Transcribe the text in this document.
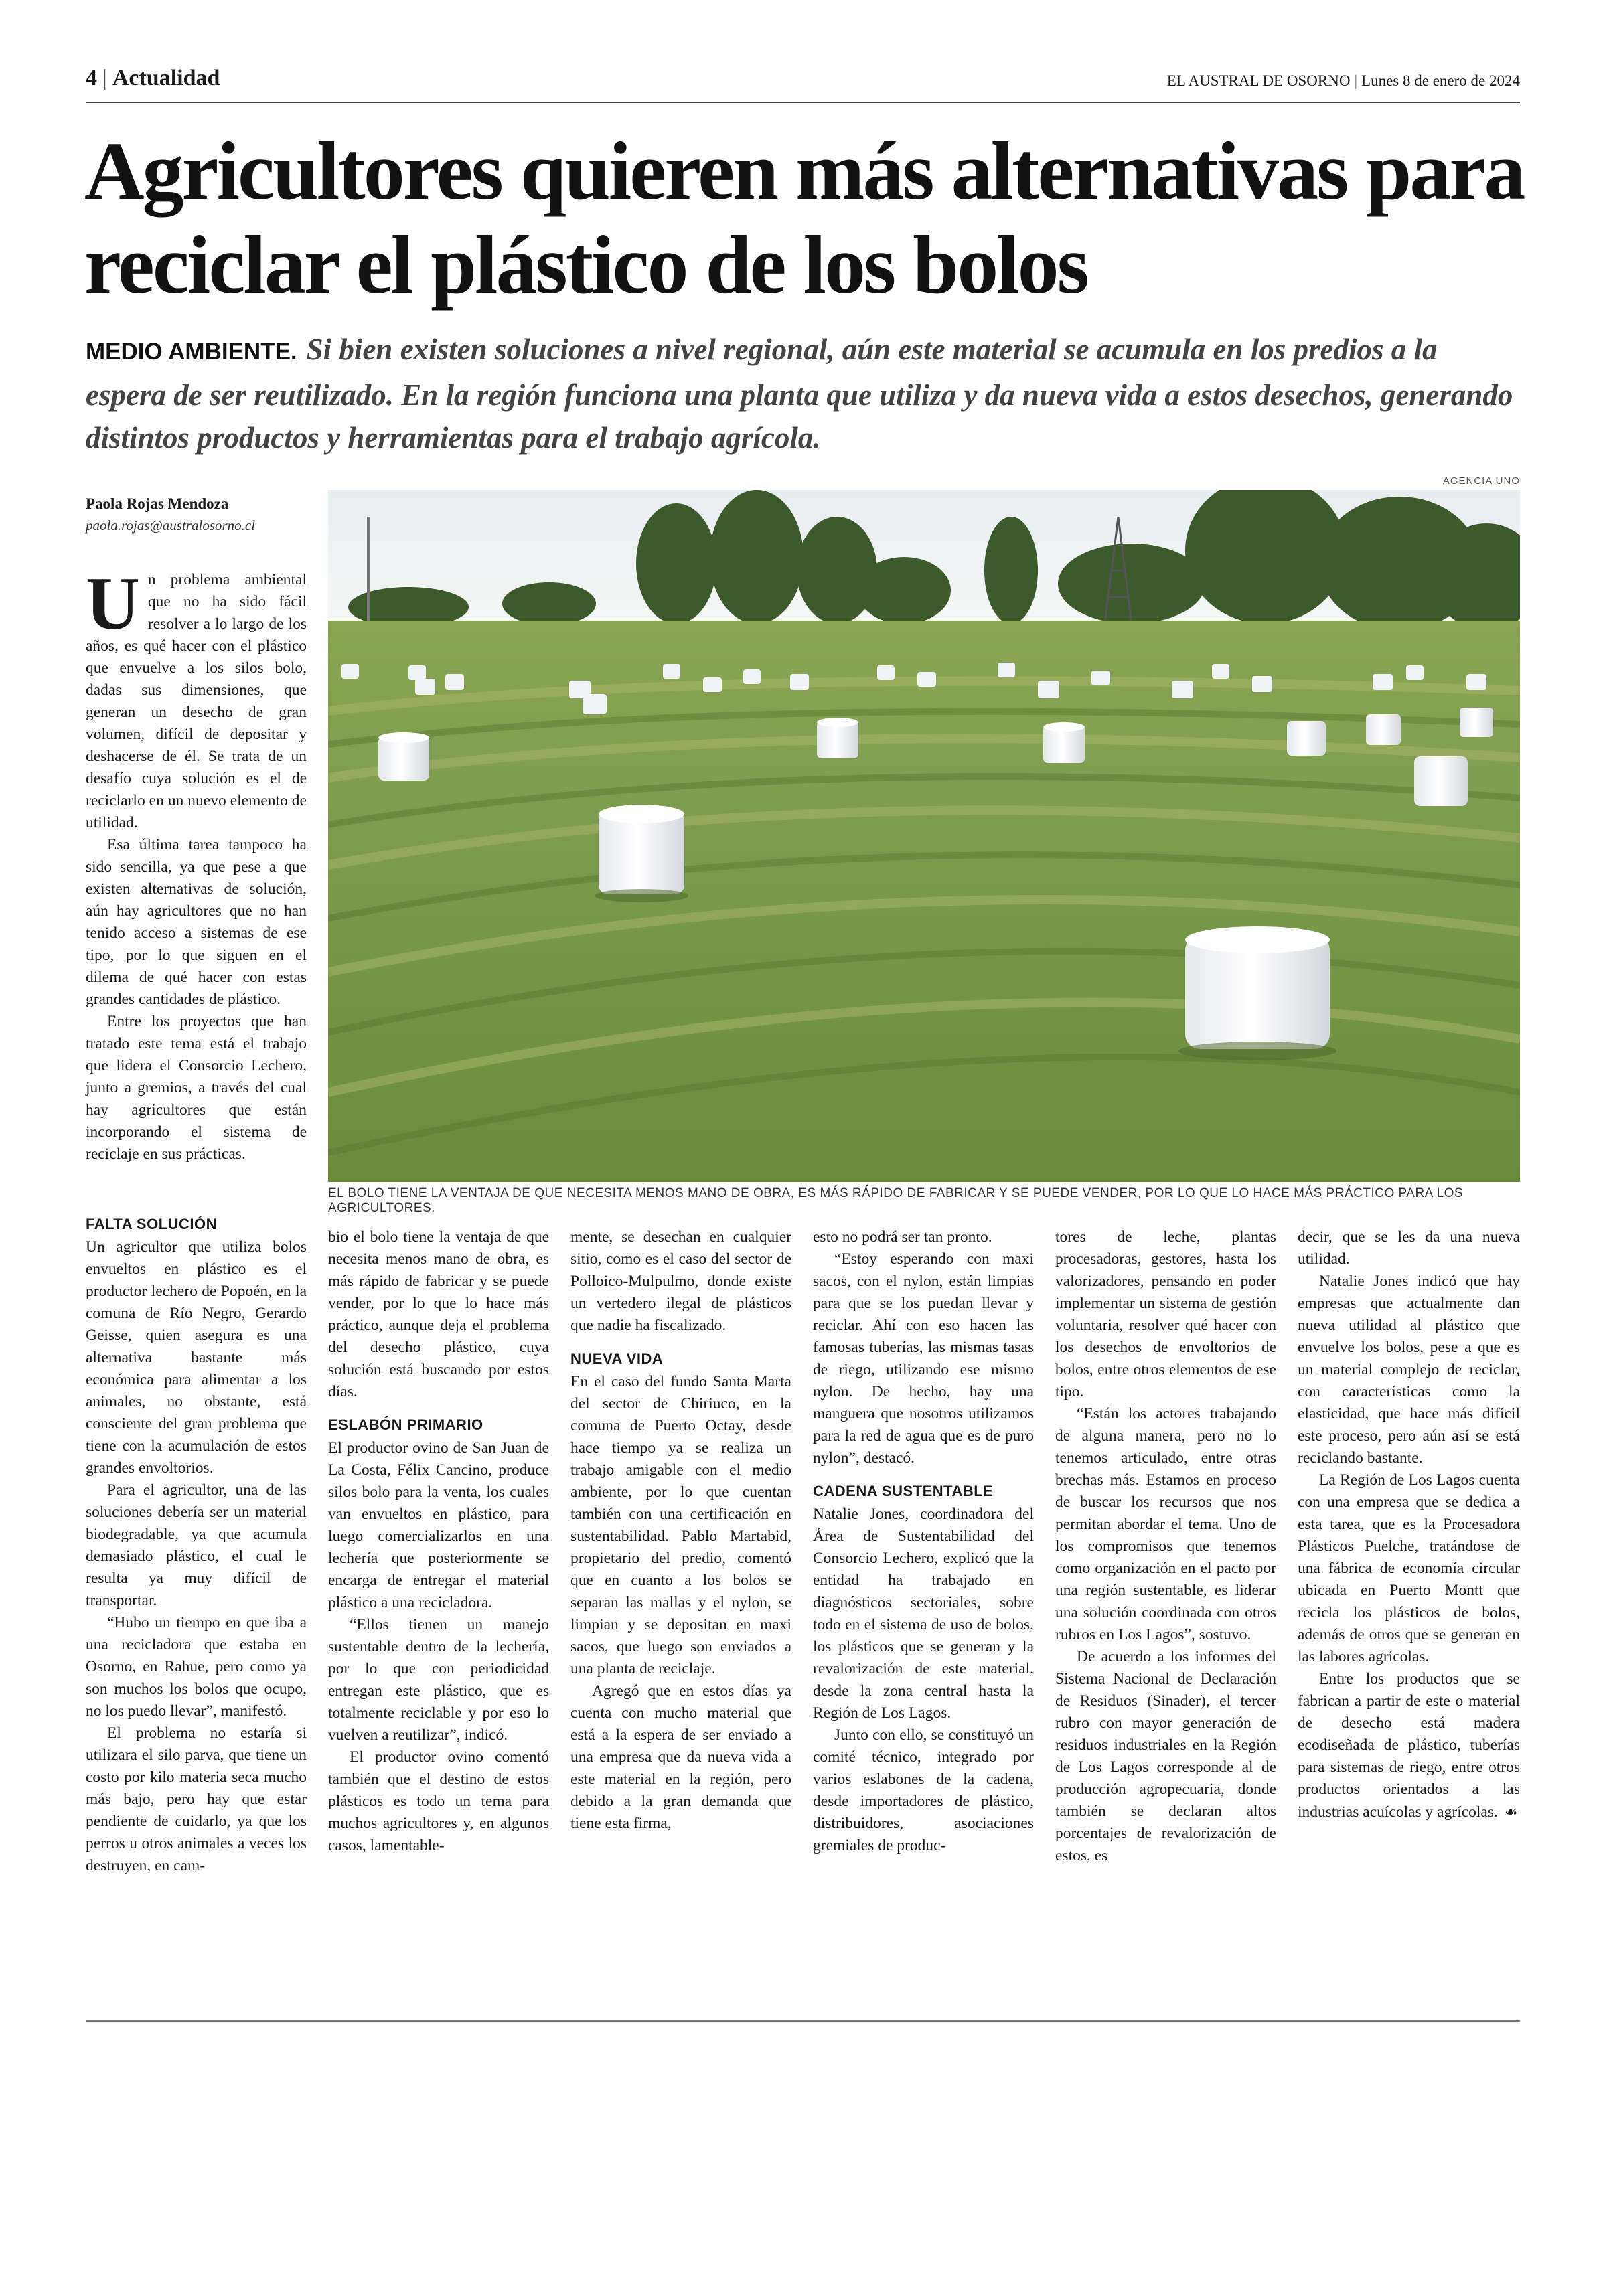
4 | Actualidad	EL AUSTRAL DE OSORNO | Lunes 8 de enero de 2024
Agricultores quieren más alternativas para reciclar el plástico de los bolos
MEDIO AMBIENTE. Si bien existen soluciones a nivel regional, aún este material se acumula en los predios a la espera de ser reutilizado. En la región funciona una planta que utiliza y da nueva vida a estos desechos, generando distintos productos y herramientas para el trabajo agrícola.
Paola Rojas Mendoza
paola.rojas@australosorno.cl
AGENCIA UNO
EL BOLO TIENE LA VENTAJA DE QUE NECESITA MENOS MANO DE OBRA, ES MÁS RÁPIDO DE FABRICAR Y SE PUEDE VENDER, POR LO QUE LO HACE MÁS PRÁCTICO PARA LOS AGRICULTORES.

Un problema ambiental que no ha sido fácil resolver a lo largo de los años, es qué hacer con el plástico que envuelve a los silos bolo, dadas sus dimensiones, que generan un desecho de gran volumen, difícil de depositar y deshacerse de él. Se trata de un desafío cuya solución es el de reciclarlo en un nuevo elemento de utilidad.

Esa última tarea tampoco ha sido sencilla, ya que pese a que existen alternativas de solución, aún hay agricultores que no han tenido acceso a sistemas de ese tipo, por lo que siguen en el dilema de qué hacer con estas grandes cantidades de plástico.

Entre los proyectos que han tratado este tema está el trabajo que lidera el Consorcio Lechero, junto a gremios, a través del cual hay agricultores que están incorporando el sistema de reciclaje en sus prácticas.

FALTA SOLUCIÓN

Un agricultor que utiliza bolos envueltos en plástico es el productor lechero de Popoén, en la comuna de Río Negro, Gerardo Geisse, quien asegura es una alternativa bastante más económica para alimentar a los animales, no obstante, está consciente del gran problema que tiene con la acumulación de estos grandes envoltorios.

Para el agricultor, una de las soluciones debería ser un material biodegradable, ya que acumula demasiado plástico, el cual le resulta ya muy difícil de transportar.

“Hubo un tiempo en que iba a una recicladora que estaba en Osorno, en Rahue, pero como ya son muchos los bolos que ocupo, no los puedo llevar”, manifestó.

El problema no estaría si utilizara el silo parva, que tiene un costo por kilo materia seca mucho más bajo, pero hay que estar pendiente de cuidarlo, ya que los perros u otros animales a veces los destruyen, en cam-

bio el bolo tiene la ventaja de que necesita menos mano de obra, es más rápido de fabricar y se puede vender, por lo que lo hace más práctico, aunque deja el problema del desecho plástico, cuya solución está buscando por estos días.

ESLABÓN PRIMARIO

El productor ovino de San Juan de La Costa, Félix Cancino, produce silos bolo para la venta, los cuales van envueltos en plástico, para luego comercializarlos en una lechería que posteriormente se encarga de entregar el material plástico a una recicladora.

“Ellos tienen un manejo sustentable dentro de la lechería, por lo que con periodicidad entregan este plástico, que es totalmente reciclable y por eso lo vuelven a reutilizar”, indicó.

El productor ovino comentó también que el destino de estos plásticos es todo un tema para muchos agricultores y, en algunos casos, lamentable-

mente, se desechan en cualquier sitio, como es el caso del sector de Polloico-Mulpulmo, donde existe un vertedero ilegal de plásticos que nadie ha fiscalizado.

NUEVA VIDA

En el caso del fundo Santa Marta del sector de Chiriuco, en la comuna de Puerto Octay, desde hace tiempo ya se realiza un trabajo amigable con el medio ambiente, por lo que cuentan también con una certificación en sustentabilidad. Pablo Martabid, propietario del predio, comentó que en cuanto a los bolos se separan las mallas y el nylon, se limpian y se depositan en maxi sacos, que luego son enviados a una planta de reciclaje.

Agregó que en estos días ya cuenta con mucho material que está a la espera de ser enviado a una empresa que da nueva vida a este material en la región, pero debido a la gran demanda que tiene esta firma,

esto no podrá ser tan pronto.

“Estoy esperando con maxi sacos, con el nylon, están limpias para que se los puedan llevar y reciclar. Ahí con eso hacen las famosas tuberías, las mismas tasas de riego, utilizando ese mismo nylon. De hecho, hay una manguera que nosotros utilizamos para la red de agua que es de puro nylon”, destacó.

CADENA SUSTENTABLE

Natalie Jones, coordinadora del Área de Sustentabilidad del Consorcio Lechero, explicó que la entidad ha trabajado en diagnósticos sectoriales, sobre todo en el sistema de uso de bolos, los plásticos que se generan y la revalorización de este material, desde la zona central hasta la Región de Los Lagos.

Junto con ello, se constituyó un comité técnico, integrado por varios eslabones de la cadena, desde importadores de plástico, distribuidores, asociaciones gremiales de produc-

tores de leche, plantas procesadoras, gestores, hasta los valorizadores, pensando en poder implementar un sistema de gestión voluntaria, resolver qué hacer con los desechos de envoltorios de bolos, entre otros elementos de ese tipo.

“Están los actores trabajando de alguna manera, pero no lo tenemos articulado, entre otras brechas más. Estamos en proceso de buscar los recursos que nos permitan abordar el tema. Uno de los compromisos que tenemos como organización en el pacto por una región sustentable, es liderar una solución coordinada con otros rubros en Los Lagos”, sostuvo.

De acuerdo a los informes del Sistema Nacional de Declaración de Residuos (Sinader), el tercer rubro con mayor generación de residuos industriales en la Región de Los Lagos corresponde al de producción agropecuaria, donde también se declaran altos porcentajes de revalorización de estos, es

decir, que se les da una nueva utilidad.

Natalie Jones indicó que hay empresas que actualmente dan nueva utilidad al plástico que envuelve los bolos, pese a que es un material complejo de reciclar, con características como la elasticidad, que hace más difícil este proceso, pero aún así se está reciclando bastante.

La Región de Los Lagos cuenta con una empresa que se dedica a esta tarea, que es la Procesadora Plásticos Puelche, tratándose de una fábrica de economía circular ubicada en Puerto Montt que recicla los plásticos de bolos, además de otros que se generan en las labores agrícolas.

Entre los productos que se fabrican a partir de este o material de desecho está madera ecodiseñada de plástico, tuberías para sistemas de riego, entre otros productos orientados a las industrias acuícolas y agrícolas. ☙
